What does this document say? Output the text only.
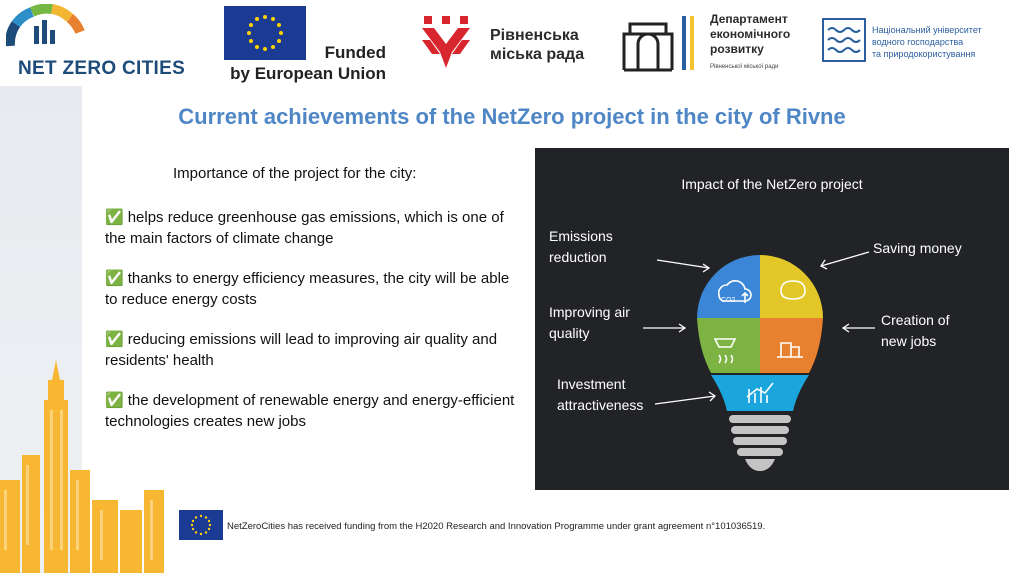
NET ZERO CITIES
Funded
by European Union
Рівненська
міська рада
Департамент
економічного
розвитку
Рівненської міської ради
Національний університет
водного господарства
та природокористування
Current achievements of the NetZero project in the city of Rivne
Importance of the project for the city:
✅ helps reduce greenhouse gas emissions, which is one of the main factors of climate change
✅ thanks to energy efficiency measures, the city will be able to reduce energy costs
✅ reducing emissions will lead to improving air quality and residents' health
✅ the development of renewable energy and energy-efficient technologies creates new jobs
Impact of the NetZero project
Emissions
reduction
Saving money
Improving air
quality
Creation of
new jobs
Investment
attractiveness
CO2
NetZeroCities has received funding from the H2020 Research and Innovation Programme under grant agreement n°101036519.
